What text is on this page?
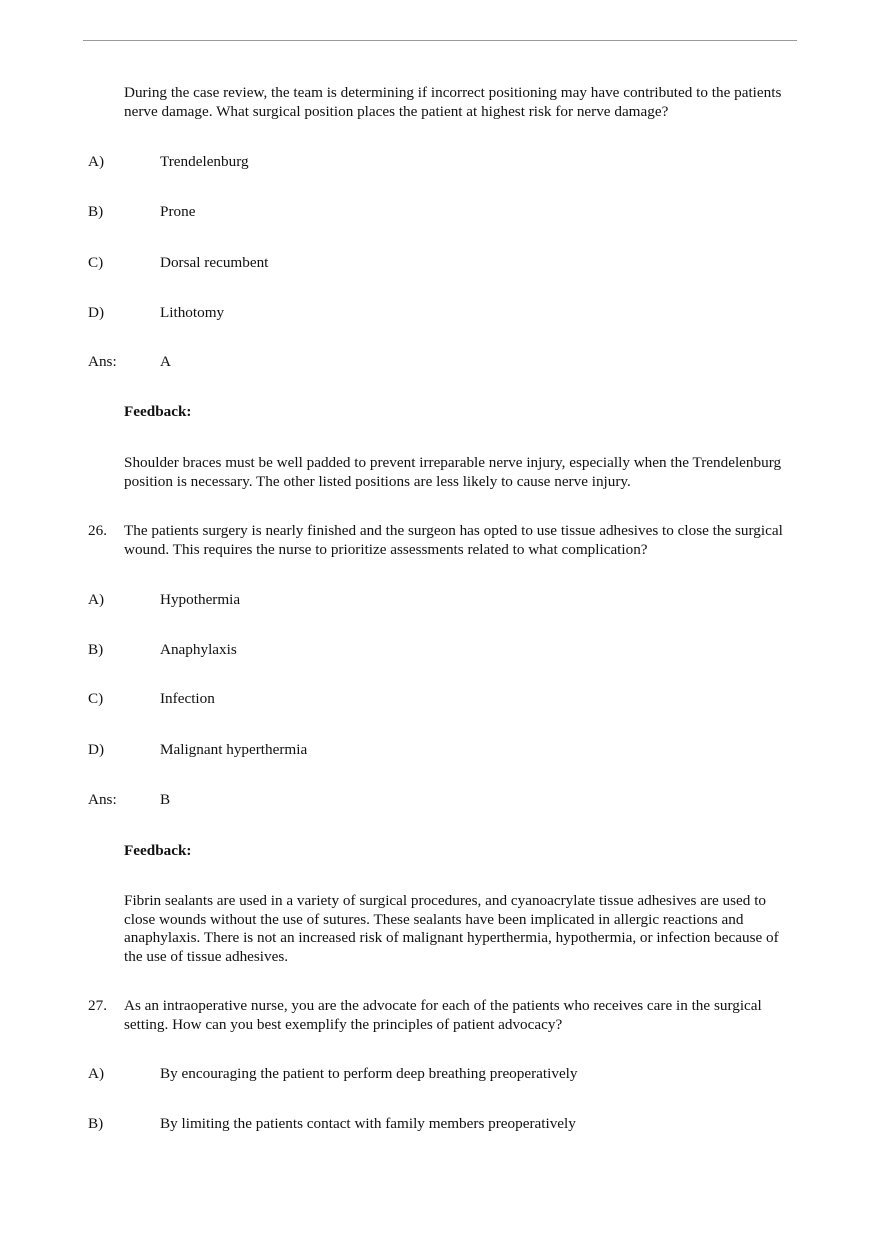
During the case review, the team is determining if incorrect positioning may have contributed to the patients nerve damage. What surgical position places the patient at highest risk for nerve damage?
A)	Trendelenburg
B)	Prone
C)	Dorsal recumbent
D)	Lithotomy
Ans:	A
Feedback:
Shoulder braces must be well padded to prevent irreparable nerve injury, especially when the Trendelenburg position is necessary. The other listed positions are less likely to cause nerve injury.
26. The patients surgery is nearly finished and the surgeon has opted to use tissue adhesives to close the surgical wound. This requires the nurse to prioritize assessments related to what complication?
A)	Hypothermia
B)	Anaphylaxis
C)	Infection
D)	Malignant hyperthermia
Ans:	B
Feedback:
Fibrin sealants are used in a variety of surgical procedures, and cyanoacrylate tissue adhesives are used to close wounds without the use of sutures. These sealants have been implicated in allergic reactions and anaphylaxis. There is not an increased risk of malignant hyperthermia, hypothermia, or infection because of the use of tissue adhesives.
27. As an intraoperative nurse, you are the advocate for each of the patients who receives care in the surgical setting. How can you best exemplify the principles of patient advocacy?
A)	By encouraging the patient to perform deep breathing preoperatively
B)	By limiting the patients contact with family members preoperatively
